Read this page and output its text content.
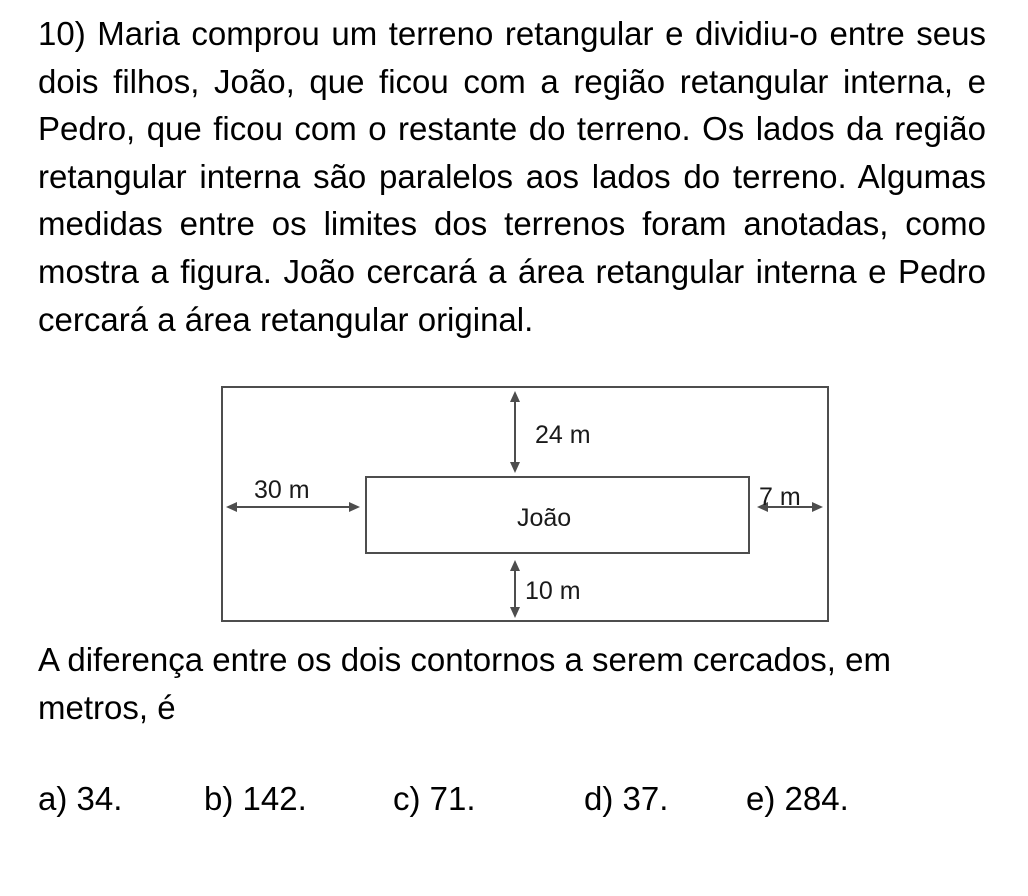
10) Maria comprou um terreno retangular e dividiu-o entre seus dois filhos, João, que ficou com a região retangular interna, e Pedro, que ficou com o restante do terreno. Os lados da região retangular interna são paralelos aos lados do terreno. Algumas medidas entre os limites dos terrenos foram anotadas, como mostra a figura. João cercará a área retangular interna e Pedro cercará a área retangular original.

24 m
30 m	7 m
10 m
João

A diferença entre os dois contornos a serem cercados, em metros, é

a) 34. b) 142.	c) 71.	d) 37. e) 284.
